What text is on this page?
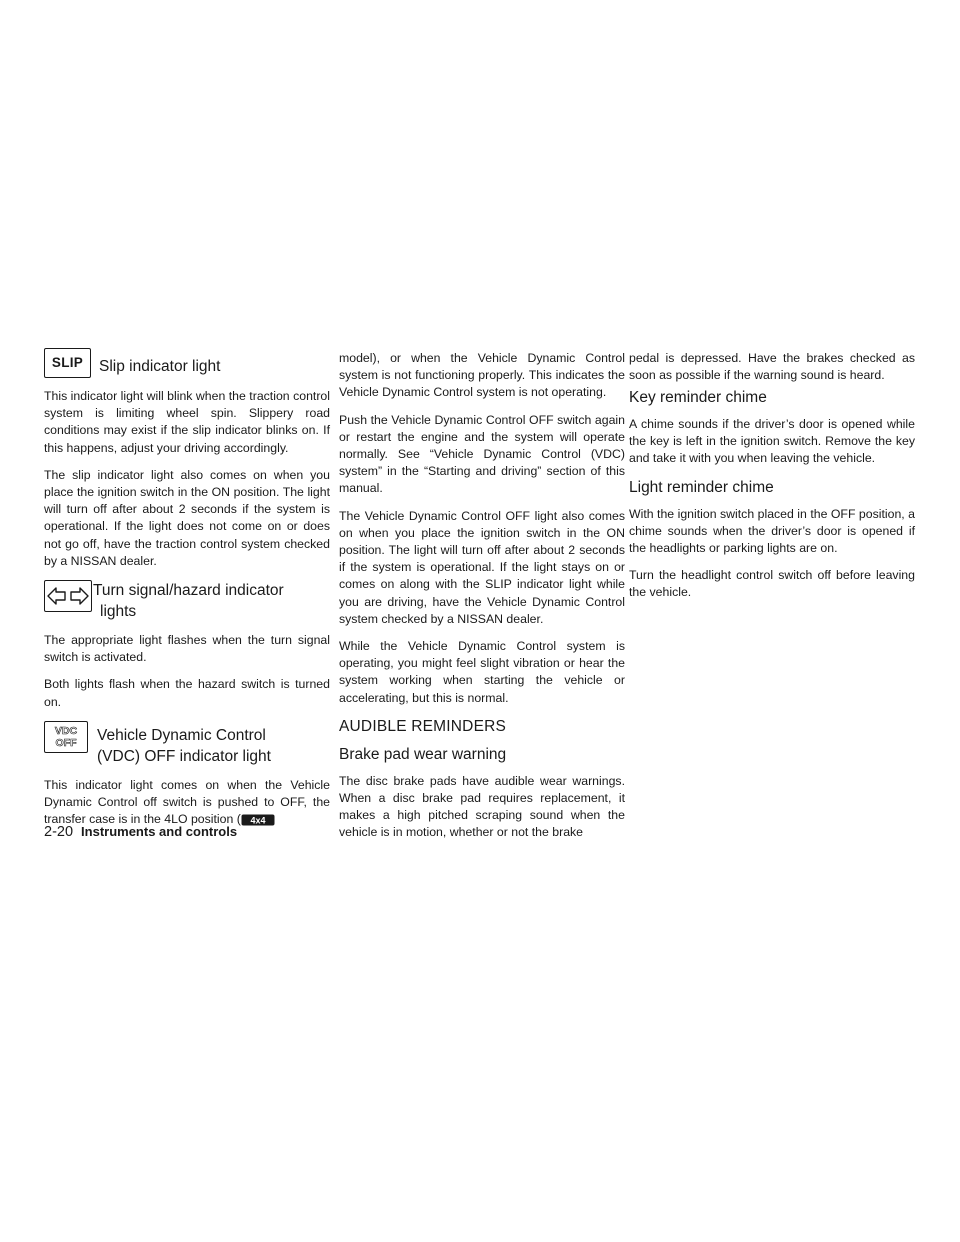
SLIP	Slip indicator light

This indicator light will blink when the traction control system is limiting wheel spin. Slippery road conditions may exist if the slip indicator blinks on. If this happens, adjust your driving accordingly.

The slip indicator light also comes on when you place the ignition switch in the ON position. The light will turn off after about 2 seconds if the system is operational. If the light does not come on or does not go off, have the traction control system checked by a NISSAN dealer.

Turn signal/hazard indicator
lights

The appropriate light flashes when the turn signal switch is activated.

Both lights flash when the hazard switch is turned on.

VDC
OFF	Vehicle Dynamic Control
(VDC) OFF indicator light

This indicator light comes on when the Vehicle Dynamic Control off switch is pushed to OFF, the transfer case is in the 4LO position ( 4x4

model), or when the Vehicle Dynamic Control system is not functioning properly. This indicates the Vehicle Dynamic Control system is not operating.

Push the Vehicle Dynamic Control OFF switch again or restart the engine and the system will operate normally. See “Vehicle Dynamic Control (VDC) system” in the “Starting and driving” section of this manual.

The Vehicle Dynamic Control OFF light also comes on when you place the ignition switch in the ON position. The light will turn off after about 2 seconds if the system is operational. If the light stays on or comes on along with the SLIP indicator light while you are driving, have the Vehicle Dynamic Control system checked by a NISSAN dealer.

While the Vehicle Dynamic Control system is operating, you might feel slight vibration or hear the system working when starting the vehicle or accelerating, but this is normal.

AUDIBLE REMINDERS
Brake pad wear warning

The disc brake pads have audible wear warnings. When a disc brake pad requires replacement, it makes a high pitched scraping sound when the vehicle is in motion, whether or not the brake

pedal is depressed. Have the brakes checked as soon as possible if the warning sound is heard.

Key reminder chime

A chime sounds if the driver’s door is opened while the key is left in the ignition switch. Remove the key and take it with you when leaving the vehicle.

Light reminder chime

With the ignition switch placed in the OFF position, a chime sounds when the driver’s door is opened if the headlights or parking lights are on.

Turn the headlight control switch off before leaving the vehicle.

2-20 Instruments and controls
